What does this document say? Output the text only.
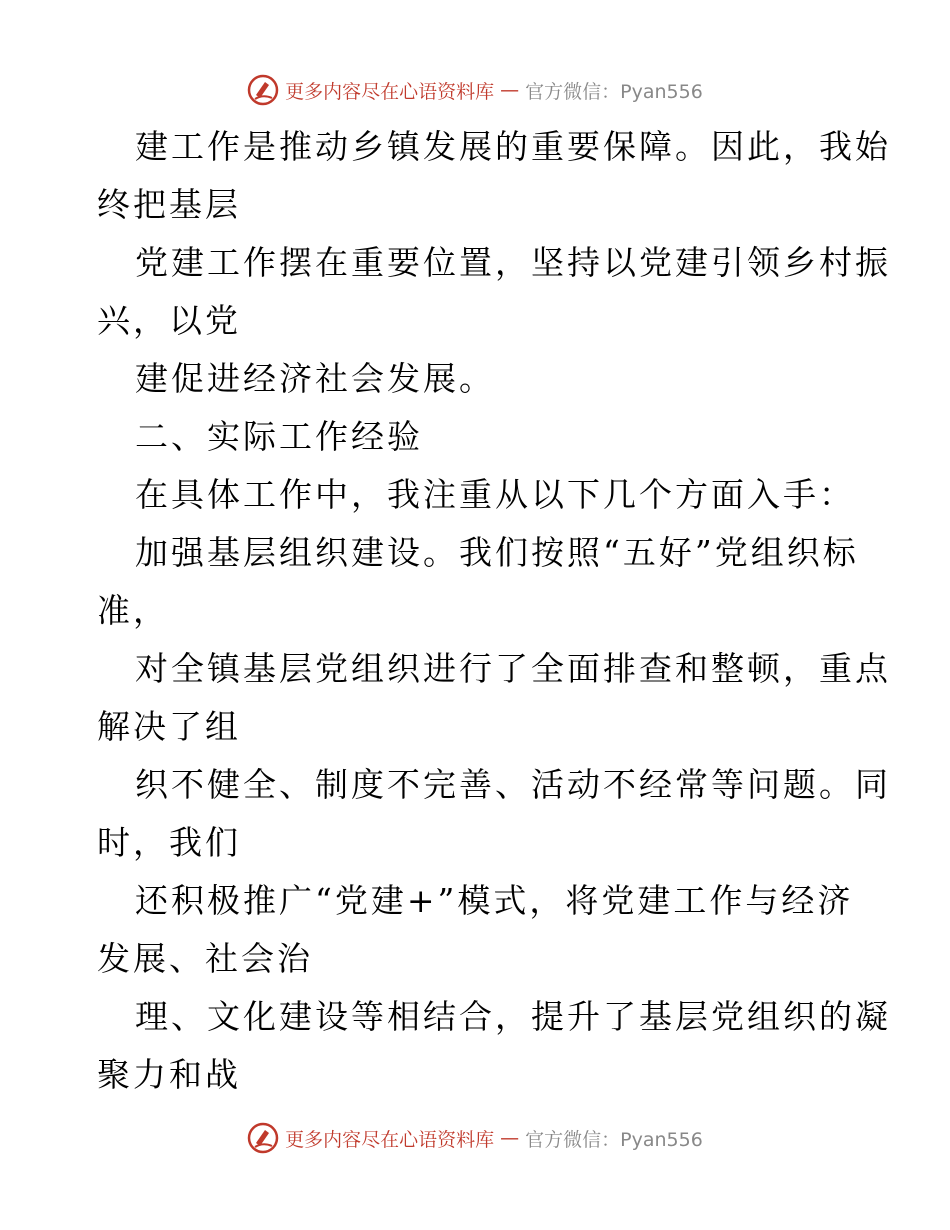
更多内容尽在心语资料库 — 官方微信：Pyan556
建工作是推动乡镇发展的重要保障。因此，我始
终把基层
党建工作摆在重要位置，坚持以党建引领乡村振
兴，以党
建促进经济社会发展。
二、实际工作经验
在具体工作中，我注重从以下几个方面入手：
加强基层组织建设。我们按照“五好”党组织标
准，
对全镇基层党组织进行了全面排查和整顿，重点
解决了组
织不健全、制度不完善、活动不经常等问题。同
时，我们
还积极推广“党建+”模式，将党建工作与经济
发展、社会治
理、文化建设等相结合，提升了基层党组织的凝
聚力和战
更多内容尽在心语资料库 — 官方微信：Pyan556
